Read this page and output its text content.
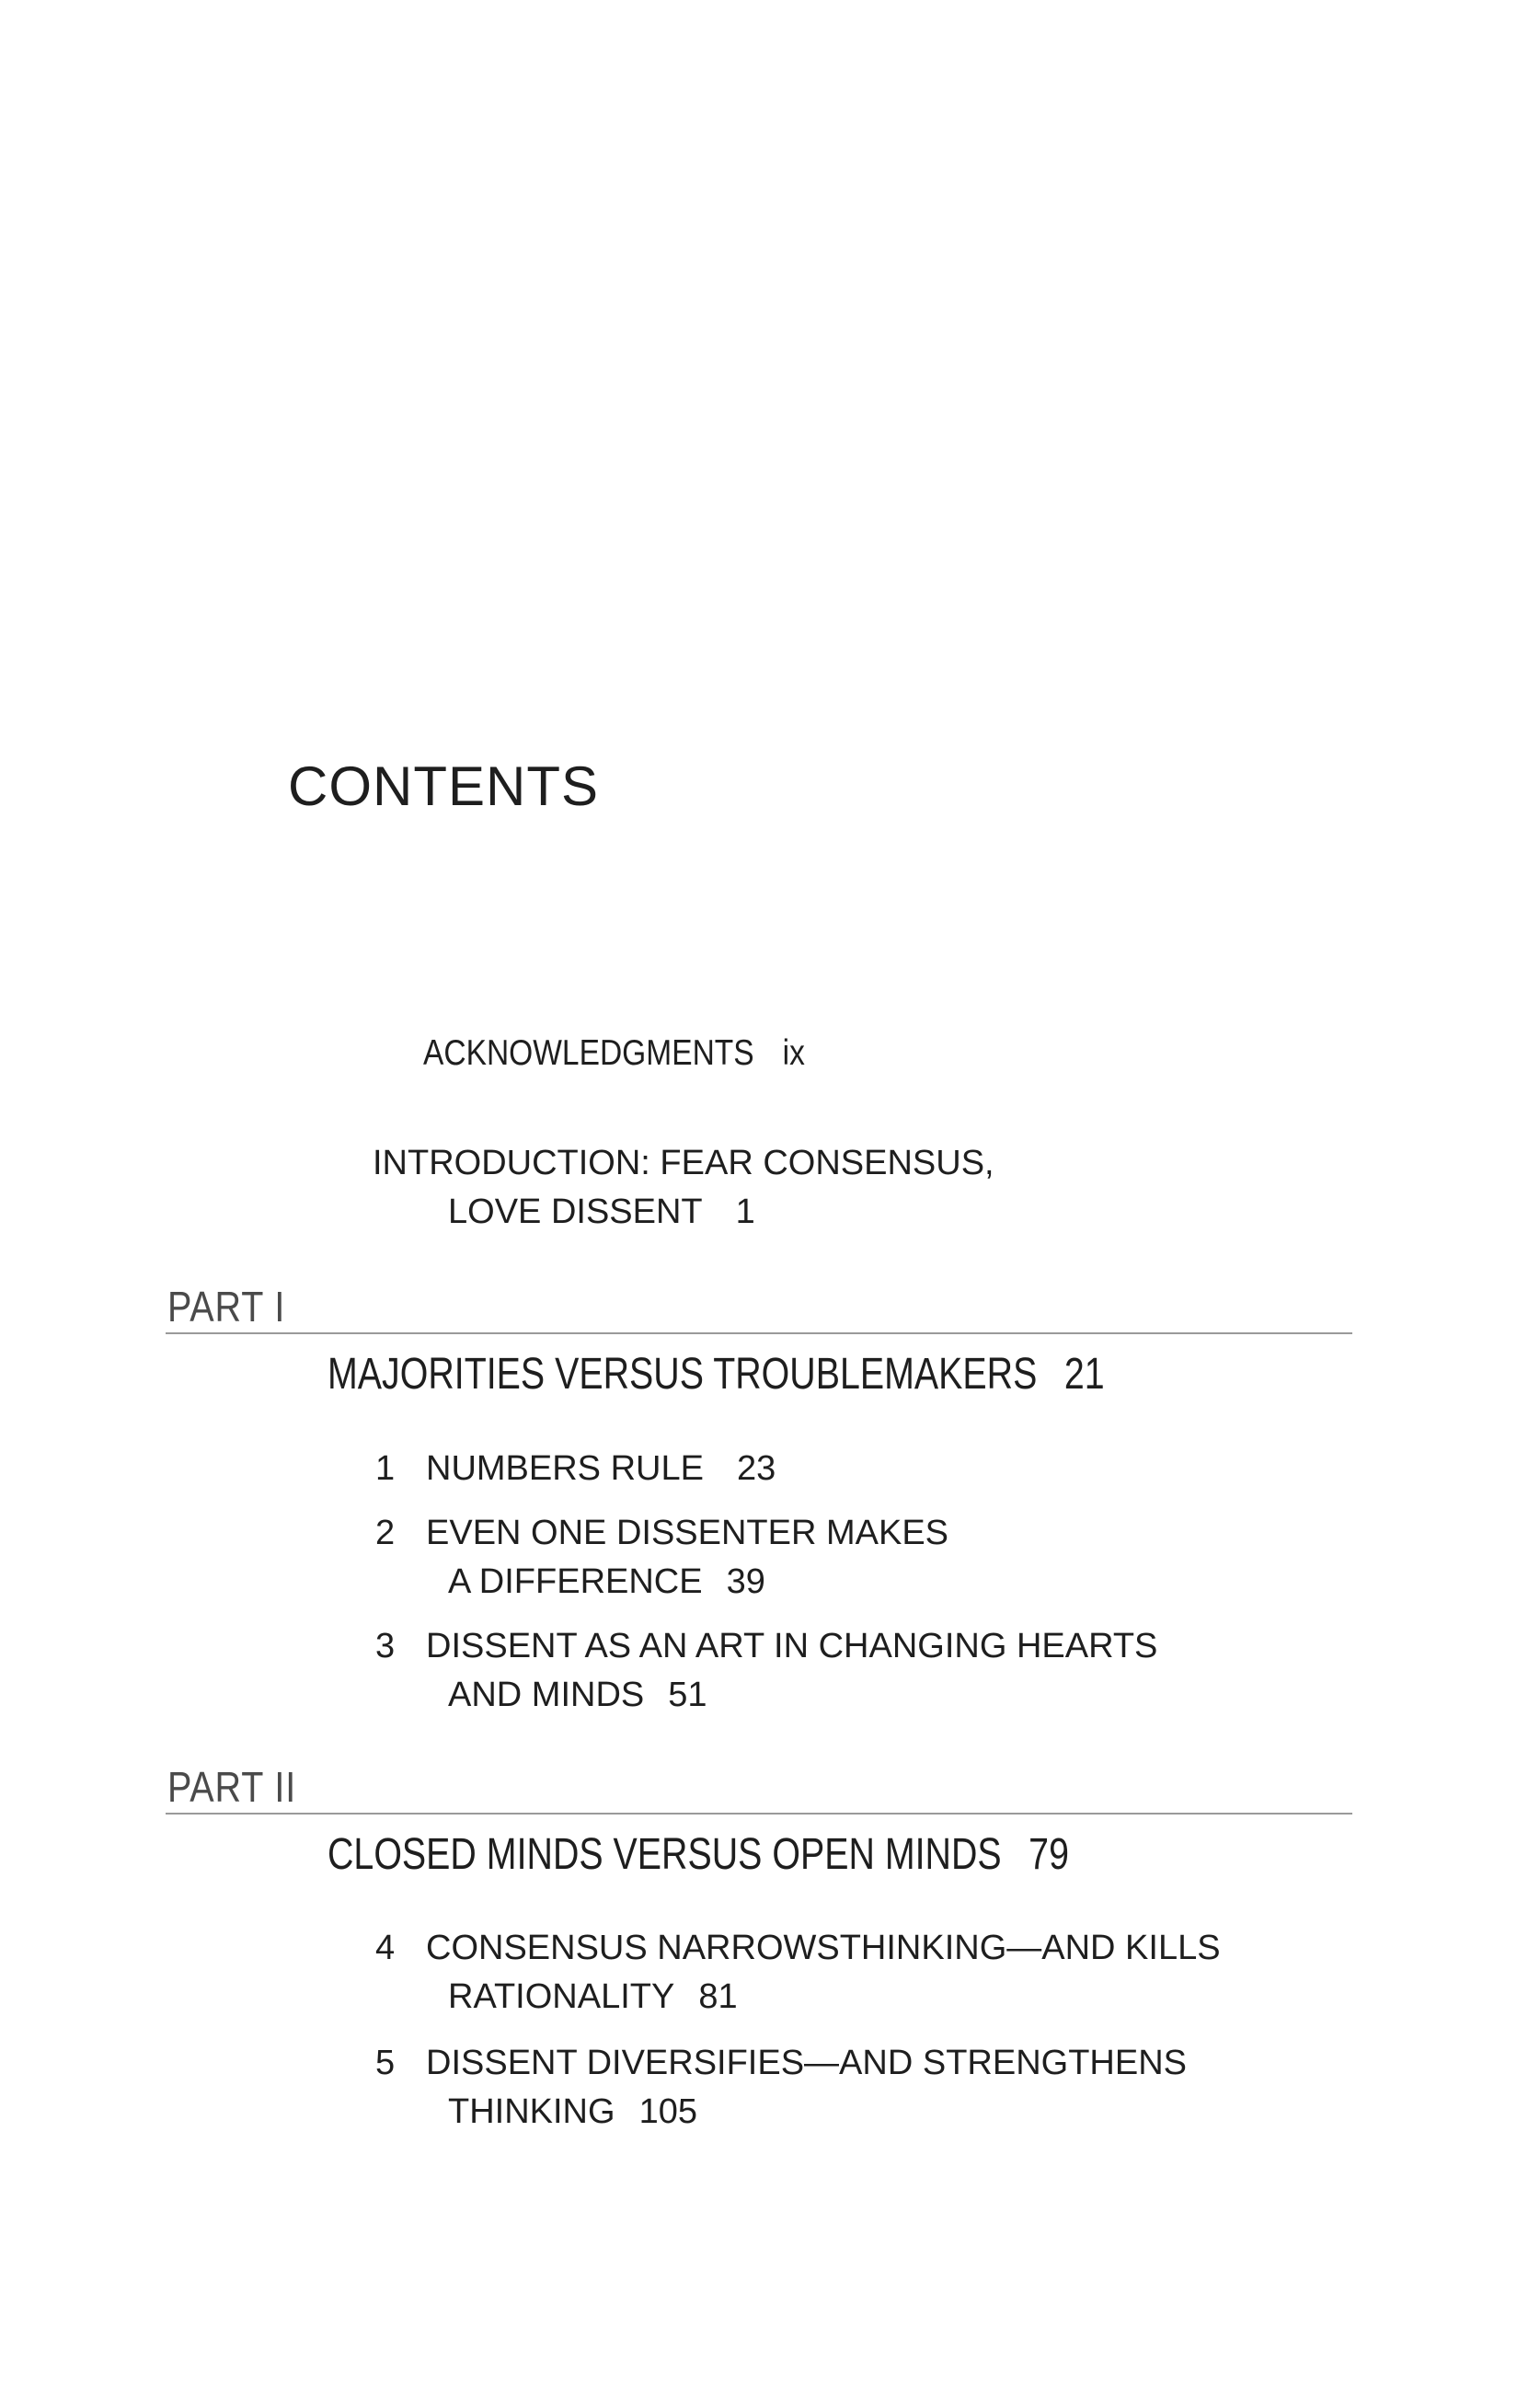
CONTENTS
ACKNOWLEDGMENTS ix
INTRODUCTION: FEAR CONSENSUS,
LOVE DISSENT 1
PART I
MAJORITIES VERSUS TROUBLEMAKERS 21
1 NUMBERS RULE 23
2 EVEN ONE DISSENTER MAKES
A DIFFERENCE 39
3 DISSENT AS AN ART IN CHANGING HEARTS
AND MINDS 51
PART II
CLOSED MINDS VERSUS OPEN MINDS 79
4 CONSENSUS NARROWSTHINKING—AND KILLS
RATIONALITY 81
5 DISSENT DIVERSIFIES—AND STRENGTHENS
THINKING 105
